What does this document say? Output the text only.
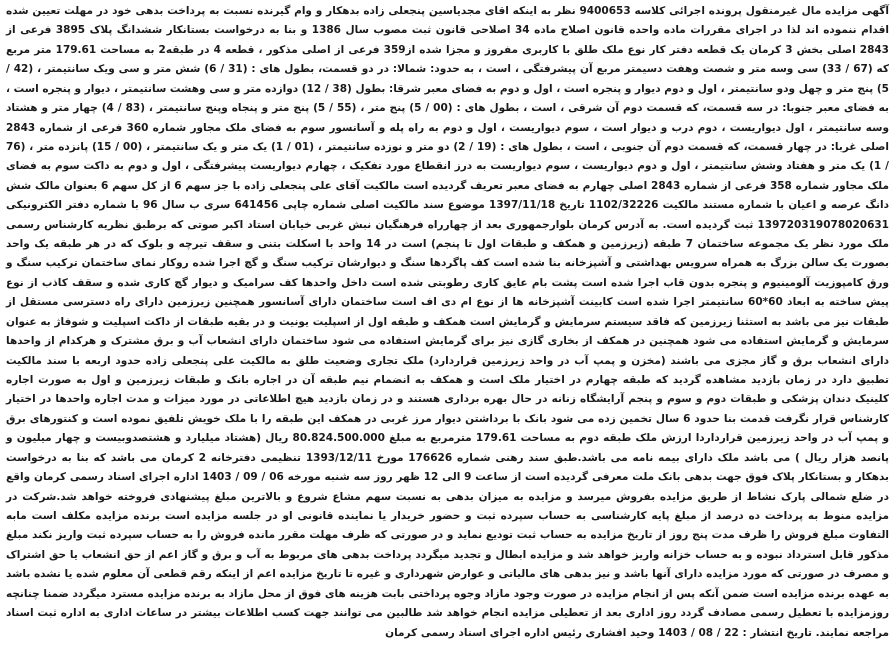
آگهی مزایده مال غیرمنقول پرونده اجرائی کلاسه 9400653 نظر به اینکه اقای مجدیاسین پنجعلی زاده بدهکار و وام گیرنده نسبت به پرداخت بدهی خود در مهلت تعیین شده اقدام ننموده اند لذا در اجرای مقررات ماده واحده قانون اصلاح ماده 34 اصلاحی قانون ثبت مصوب سال 1386 و بنا به درخواست بستانکار ششدانگ پلاک 3895 فرعی از 2843 اصلی بخش 3 کرمان یک قطعه دفتر کار نوع ملک طلق با کاربری مفروز و مجزا شده از359 فرعی از اصلی مذکور ، قطعه 4 در طبقه2 به مساحت 179.61 متر مربع که (67 / 33) سی وسه متر و شصت وهفت دسیمتر مربع آن پیشرفتگی ، است ، به حدود: شمالا: در دو قسمت، بطول های : (31 / 6) شش متر و سی ویک سانتیمتر ، (42 / 5) پنج متر و چهل ودو سانتیمتر ، اول و دوم دیوار و پنجره است ، اول و دوم به فضای معبر شرقا: بطول (38 / 12) دوازده متر و سی وهشت سانتیمتر ، دیوار و پنجره است ، به فضای معبر جنوبا: در سه قسمت، که قسمت دوم آن شرقی ، است ، بطول های : (00 / 5) پنج متر ، (55 / 5) پنج متر و پنجاه وپنج سانتیمتر ، (83 / 4) چهار متر و هشتاد وسه سانتیمتر ، اول دیواریست ، دوم درب و دیوار است ، سوم دیواریست ، اول و دوم به راه پله و آسانسور سوم به فضای ملک مجاور شماره 360 فرعی از شماره 2843 اصلی غربا: در چهار قسمت، که قسمت دوم آن جنوبی ، است ، بطول های : (19 / 2) دو متر و نوزده سانتیمتر ، (01 / 1) یک متر و یک سانتیمتر ، (00 / 15) پانزده متر ، (76 / 1) یک متر و هفتاد وشش سانتیمتر ، اول و دوم دیواریست ، سوم دیواریست به درز انقطاع مورد تفکیک ، چهارم دیواریست پیشرفتگی ، اول و دوم به داکت سوم به فضای ملک مجاور شماره 358 فرعی از شماره 2843 اصلی چهارم به فضای معبر تعریف گردیده است مالکیت آقای علی پنجعلی زاده با جز سهم 6 از کل سهم 6 بعنوان مالک شش دانگ عرصه و اعیان با شماره مستند مالکیت 1102/32226 تاریخ 1397/11/18 موضوع سند مالکیت اصلی شماره چاپی 641456 سری ب سال 96 با شماره دفتر الکترونیکی 139720319078020631 ثبت گردیده است. به آدرس کرمان بلوارجمهوری بعد از چهارراه فرهنگیان نبش غربی خیابان استاد اکبر صوتی که برطبق نظریه کارشناس رسمی ملک مورد نظر یک مجموعه ساختمان 7 طبقه (زیرزمین و همکف و طبقات اول تا پنجم) است در 14 واحد با اسکلت بتنی و سقف تیرچه و بلوک که در هر طبقه یک واحد بصورت یک سالن بزرگ به همراه سرویس بهداشتی و آشپزخانه بنا شده است کف پاگردها سنگ و دیوارشان ترکیب سنگ و گچ اجرا شده روکار نمای ساختمان ترکیب سنگ و ورق کامپوزیت آلومینیوم و پنجره بدون قاب اجرا شده است پشت بام عایق کاری رطوبتی شده است داخل واحدها کف سرامیک و دیوار گچ کاری شده و سقف کاذب از نوع پیش ساخته به ابعاد 60*60 سانتیمتر اجرا شده است کابینت آشپزخانه ها از نوع ام دی اف است ساختمان دارای آسانسور همچنین زیرزمین دارای راه دسترسی مستقل از طبقات نیز می باشد به استثنا زیرزمین که فاقد سیستم سرمایش و گرمایش است همکف و طبقه اول از اسپلیت یونیت و در بقیه طبقات از داکت اسپلیت و شوفاژ به عنوان سرمایش و گرمایش استفاده می شود همچنین در همکف از بخاری گازی نیز برای گرمایش استفاده می شود ساختمان دارای انشعاب آب و برق مشترک و هرکدام از واحدها دارای انشعاب برق و گاز مجزی می باشند (مخزن و پمپ آب در واحد زیرزمین قراردارد) ملک تجاری وضعیت طلق به مالکیت علی پنجعلی زاده حدود اربعه با سند مالکیت تطبیق دارد در زمان بازدید مشاهده گردید که طبقه چهارم در اختیار ملک است و همکف به انضمام نیم طبقه آن در اجاره بانک و طبقات زیرزمین و اول به صورت اجاره کلینیک دندان پزشکی و طبقات دوم و سوم و پنجم آرایشگاه زنانه در حال بهره برداری هستند و در زمان بازدید هیچ اطلاعاتی در مورد میزات و مدت اجاره واحدها در اختیار کارشناس قرار نگرفت قدمت بنا حدود 6 سال تخمین زده می شود بانک با برداشتن دیوار مرز غربی در همکف این طبقه را با ملک خویش تلفیق نموده است و کنتورهای برق و پمپ آب در واحد زیرزمین قرارداردا ارزش ملک طبقه دوم به مساحت 179.61 مترمربع به مبلغ 80.824.500.000 ریال (هشتاد میلیارد و هشتصدوبیست و چهار میلیون و پانصد هزار ریال ) می باشد ملک دارای بیمه نامه می باشد.طبق سند رهنی شماره 176626 مورخ 1393/12/11 تنظیمی دفترخانه 2 کرمان می باشد که بنا به درخواست بدهکار و بستانکار پلاک فوق جهت بدهی بانک ملت معرفی گردیده است از ساعت 9 الی 12 ظهر روز سه شنبه مورخه 06 / 09 / 1403 اداره اجرای اسناد رسمی کرمان واقع در ضلع شمالی پارک نشاط از طریق مزایده بفروش میرسد و مزایده به میزان بدهی به نسبت سهم مشاع شروع و بالاترین مبلغ پیشنهادی فروخته خواهد شد.شرکت در مزایده منوط به پرداخت ده درصد از مبلغ پایه کارشناسی به حساب سپرده ثبت و حضور خریدار یا نماینده قانونی او در جلسه مزایده است برنده مزایده مکلف است مابه التفاوت مبلغ فروش را ظرف مدت پنج روز از تاریخ مزایده به حساب ثبت تودیع نماید و در صورتی که ظرف مهلت مقرر مانده فروش را به حساب سپرده ثبت واریز نکند مبلغ مذکور قابل استرداد نبوده و به حساب خزانه واریز خواهد شد و مزایده ابطال و تجدید میگردد پرداخت بدهی های مربوط به آب و برق و گاز اعم از حق انشعاب یا حق اشتراک و مصرف در صورتی که مورد مزایده دارای آنها باشد و نیز بدهی های مالیاتی و عوارض شهرداری و غیره تا تاریخ مزایده اعم از اینکه رقم قطعی آن معلوم شده یا نشده باشد به عهده برنده مزایده است ضمن آنکه پس از انجام مزایده در صورت وجود مازاد وجوه پرداختی بابت هزینه های فوق از محل مازاد به برنده مزایده مسترد میگردد ضمنا چنانچه روزمزایده با تعطیل رسمی مصادف گردد روز اداری بعد از تعطیلی مزایده انجام خواهد شد طالبین می توانند جهت کسب اطلاعات بیشتر در ساعات اداری به اداره ثبت اسناد مراجعه نمایند. تاریخ انتشار : 22 / 08 / 1403 وحید افشاری رئیس اداره اجرای اسناد رسمی کرمان
